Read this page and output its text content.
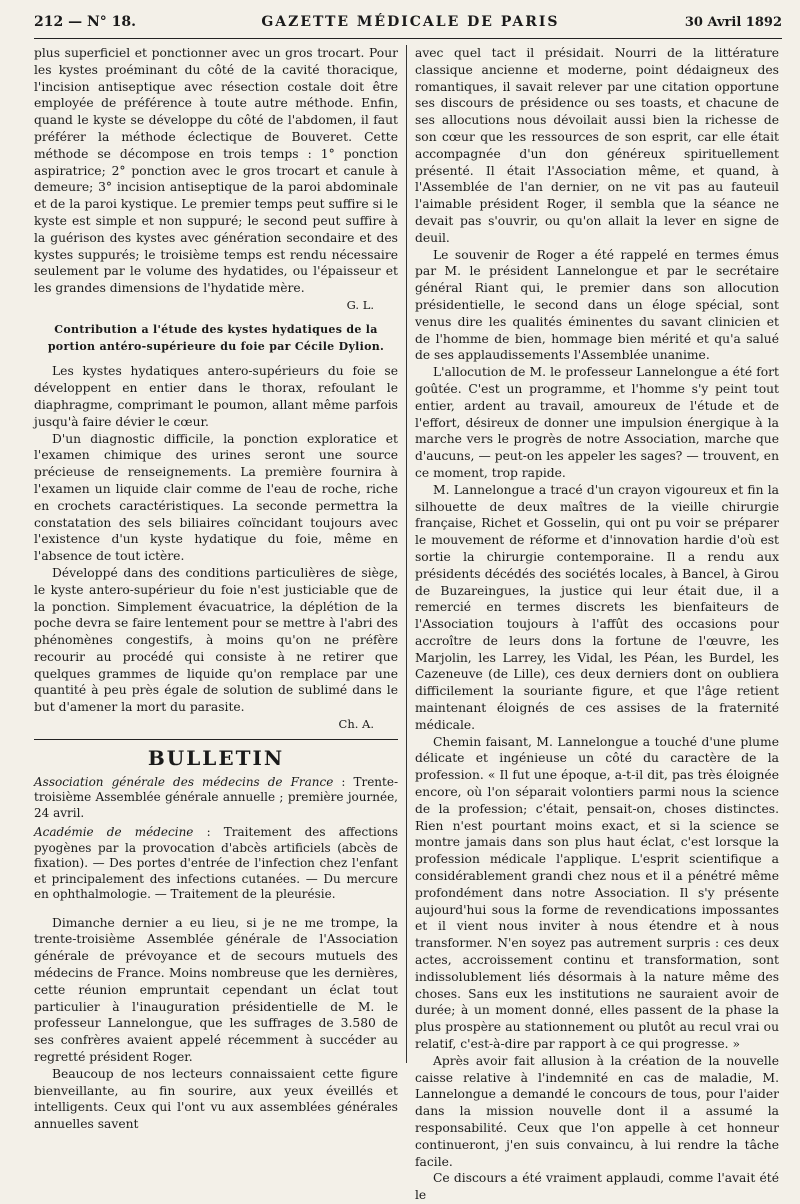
212 — N° 18.	GAZETTE MÉDICALE DE PARIS	30 Avril 1892

plus superficiel et ponctionner avec un gros trocart. Pour les kystes proéminant du côté de la cavité thoracique, l'incision antiseptique avec résection costale doit être employée de préférence à toute autre méthode. Enfin, quand le kyste se développe du côté de l'abdomen, il faut préférer la méthode éclectique de Bouveret. Cette méthode se décompose en trois temps : 1° ponction aspiratrice; 2° ponction avec le gros trocart et canule à demeure; 3° incision antiseptique de la paroi abdominale et de la paroi kystique. Le premier temps peut suffire si le kyste est simple et non suppuré; le second peut suffire à la guérison des kystes avec génération secondaire et des kystes suppurés; le troisième temps est rendu nécessaire seulement par le volume des hydatides, ou l'épaisseur et les grandes dimensions de l'hydatide mère.

G. L.

Contribution a l'étude des kystes hydatiques de la portion antéro-supérieure du foie par Cécile Dylion.

Les kystes hydatiques antero-supérieurs du foie se développent en entier dans le thorax, refoulant le diaphragme, comprimant le poumon, allant même parfois jusqu'à faire dévier le cœur.

D'un diagnostic difficile, la ponction exploratice et l'examen chimique des urines seront une source précieuse de renseignements. La première fournira à l'examen un liquide clair comme de l'eau de roche, riche en crochets caractéristiques. La seconde permettra la constatation des sels biliaires coïncidant toujours avec l'existence d'un kyste hydatique du foie, même en l'absence de tout ictère.

Développé dans des conditions particulières de siège, le kyste antero-supérieur du foie n'est justiciable que de la ponction. Simplement évacuatrice, la déplétion de la poche devra se faire lentement pour se mettre à l'abri des phénomènes congestifs, à moins qu'on ne préfère recourir au procédé qui consiste à ne retirer que quelques grammes de liquide qu'on remplace par une quantité à peu près égale de solution de sublimé dans le but d'amener la mort du parasite.

Ch. A.

BULLETIN
Association générale des médecins de France : Trente-troisième Assemblée générale annuelle ; première journée, 24 avril.
Académie de médecine : Traitement des affections pyogènes par la provocation d'abcès artificiels (abcès de fixation). — Des portes d'entrée de l'infection chez l'enfant et principalement des infections cutanées. — Du mercure en ophthalmologie. — Traitement de la pleurésie.

Dimanche dernier a eu lieu, si je ne me trompe, la trente-troisième Assemblée générale de l'Association générale de prévoyance et de secours mutuels des médecins de France. Moins nombreuse que les dernières, cette réunion empruntait cependant un éclat tout particulier à l'inauguration présidentielle de M. le professeur Lannelongue, que les suffrages de 3.580 de ses confrères avaient appelé récemment à succéder au regretté président Roger.

Beaucoup de nos lecteurs connaissaient cette figure bienveillante, au fin sourire, aux yeux éveillés et intelligents. Ceux qui l'ont vu aux assemblées générales annuelles savent

avec quel tact il présidait. Nourri de la littérature classique ancienne et moderne, point dédaigneux des romantiques, il savait relever par une citation opportune ses discours de présidence ou ses toasts, et chacune de ses allocutions nous dévoilait aussi bien la richesse de son cœur que les ressources de son esprit, car elle était accompagnée d'un don généreux spirituellement présenté. Il était l'Association même, et quand, à l'Assemblée de l'an dernier, on ne vit pas au fauteuil l'aimable président Roger, il sembla que la séance ne devait pas s'ouvrir, ou qu'on allait la lever en signe de deuil.

Le souvenir de Roger a été rappelé en termes émus par M. le président Lannelongue et par le secrétaire général Riant qui, le premier dans son allocution présidentielle, le second dans un éloge spécial, sont venus dire les qualités éminentes du savant clinicien et de l'homme de bien, hommage bien mérité et qu'a salué de ses applaudissements l'Assemblée unanime.

L'allocution de M. le professeur Lannelongue a été fort goûtée. C'est un programme, et l'homme s'y peint tout entier, ardent au travail, amoureux de l'étude et de l'effort, désireux de donner une impulsion énergique à la marche vers le progrès de notre Association, marche que d'aucuns, — peut-on les appeler les sages? — trouvent, en ce moment, trop rapide.

M. Lannelongue a tracé d'un crayon vigoureux et fin la silhouette de deux maîtres de la vieille chirurgie française, Richet et Gosselin, qui ont pu voir se préparer le mouvement de réforme et d'innovation hardie d'où est sortie la chirurgie contemporaine. Il a rendu aux présidents décédés des sociétés locales, à Bancel, à Girou de Buzareingues, la justice qui leur était due, il a remercié en termes discrets les bienfaiteurs de l'Association toujours à l'affût des occasions pour accroître de leurs dons la fortune de l'œuvre, les Marjolin, les Larrey, les Vidal, les Péan, les Burdel, les Cazeneuve (de Lille), ces deux derniers dont on oubliera difficilement la souriante figure, et que l'âge retient maintenant éloignés de ces assises de la fraternité médicale.

Chemin faisant, M. Lannelongue a touché d'une plume délicate et ingénieuse un côté du caractère de la profession. « Il fut une époque, a-t-il dit, pas très éloignée encore, où l'on séparait volontiers parmi nous la science de la profession; c'était, pensait-on, choses distinctes. Rien n'est pourtant moins exact, et si la science se montre jamais dans son plus haut éclat, c'est lorsque la profession médicale l'applique. L'esprit scientifique a considérablement grandi chez nous et il a pénétré même profondément dans notre Association. Il s'y présente aujourd'hui sous la forme de revendications impossantes et il vient nous inviter à nous étendre et à nous transformer. N'en soyez pas autrement surpris : ces deux actes, accroissement continu et transformation, sont indissolublement liés désormais à la nature même des choses. Sans eux les institutions ne sauraient avoir de durée; à un moment donné, elles passent de la phase la plus prospère au stationnement ou plutôt au recul vrai ou relatif, c'est-à-dire par rapport à ce qui progresse. »

Après avoir fait allusion à la création de la nouvelle caisse relative à l'indemnité en cas de maladie, M. Lannelongue a demandé le concours de tous, pour l'aider dans la mission nouvelle dont il a assumé la responsabilité. Ceux que l'on appelle à cet honneur continueront, j'en suis convaincu, à lui rendre la tâche facile.

Ce discours a été vraiment applaudi, comme l'avait été le
